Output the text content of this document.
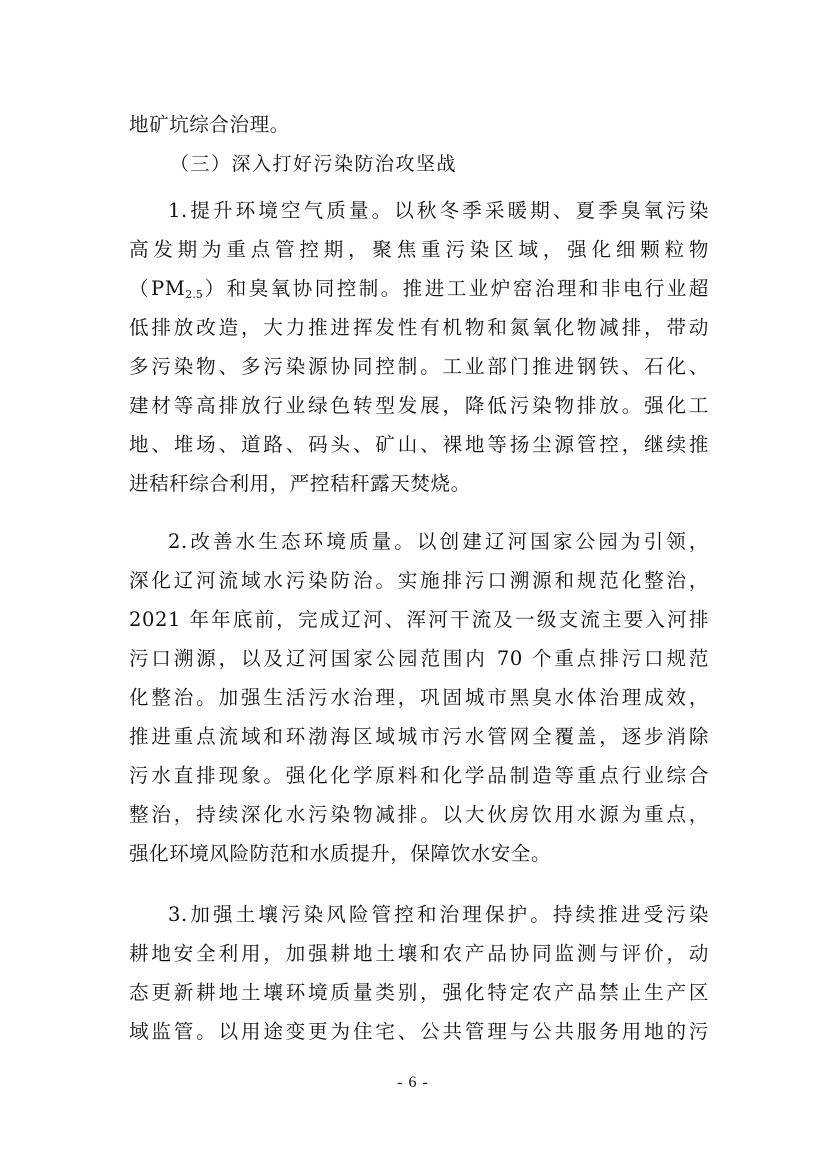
地矿坑综合治理。
（三）深入打好污染防治攻坚战
1.提升环境空气质量。以秋冬季采暖期、夏季臭氧污染
高发期为重点管控期，聚焦重污染区域，强化细颗粒物
$(PM_{2.5})$和臭氧协同控制。推进工业炉窑治理和非电行业超
低排放改造，大力推进挥发性有机物和氮氧化物减排，带动
多污染物、多污染源协同控制。工业部门推进钢铁、石化、
建材等高排放行业绿色转型发展，降低污染物排放。强化工
地、堆场、道路、码头、矿山、裸地等扬尘源管控，继续推
进秸秆综合利用，严控秸秆露天焚烧。
2.改善水生态环境质量。以创建辽河国家公园为引领，
深化辽河流域水污染防治。实施排污口溯源和规范化整治，
2021 年年底前，完成辽河、浑河干流及一级支流主要入河排
污口溯源，以及辽河国家公园范围内 70 个重点排污口规范
化整治。加强生活污水治理，巩固城市黑臭水体治理成效，
推进重点流域和环渤海区域城市污水管网全覆盖，逐步消除
污水直排现象。强化化学原料和化学品制造等重点行业综合
整治，持续深化水污染物减排。以大伙房饮用水源为重点，
强化环境风险防范和水质提升，保障饮水安全。
3.加强土壤污染风险管控和治理保护。持续推进受污染
耕地安全利用，加强耕地土壤和农产品协同监测与评价，动
态更新耕地土壤环境质量类别，强化特定农产品禁止生产区
域监管。以用途变更为住宅、公共管理与公共服务用地的污
- 6 -
